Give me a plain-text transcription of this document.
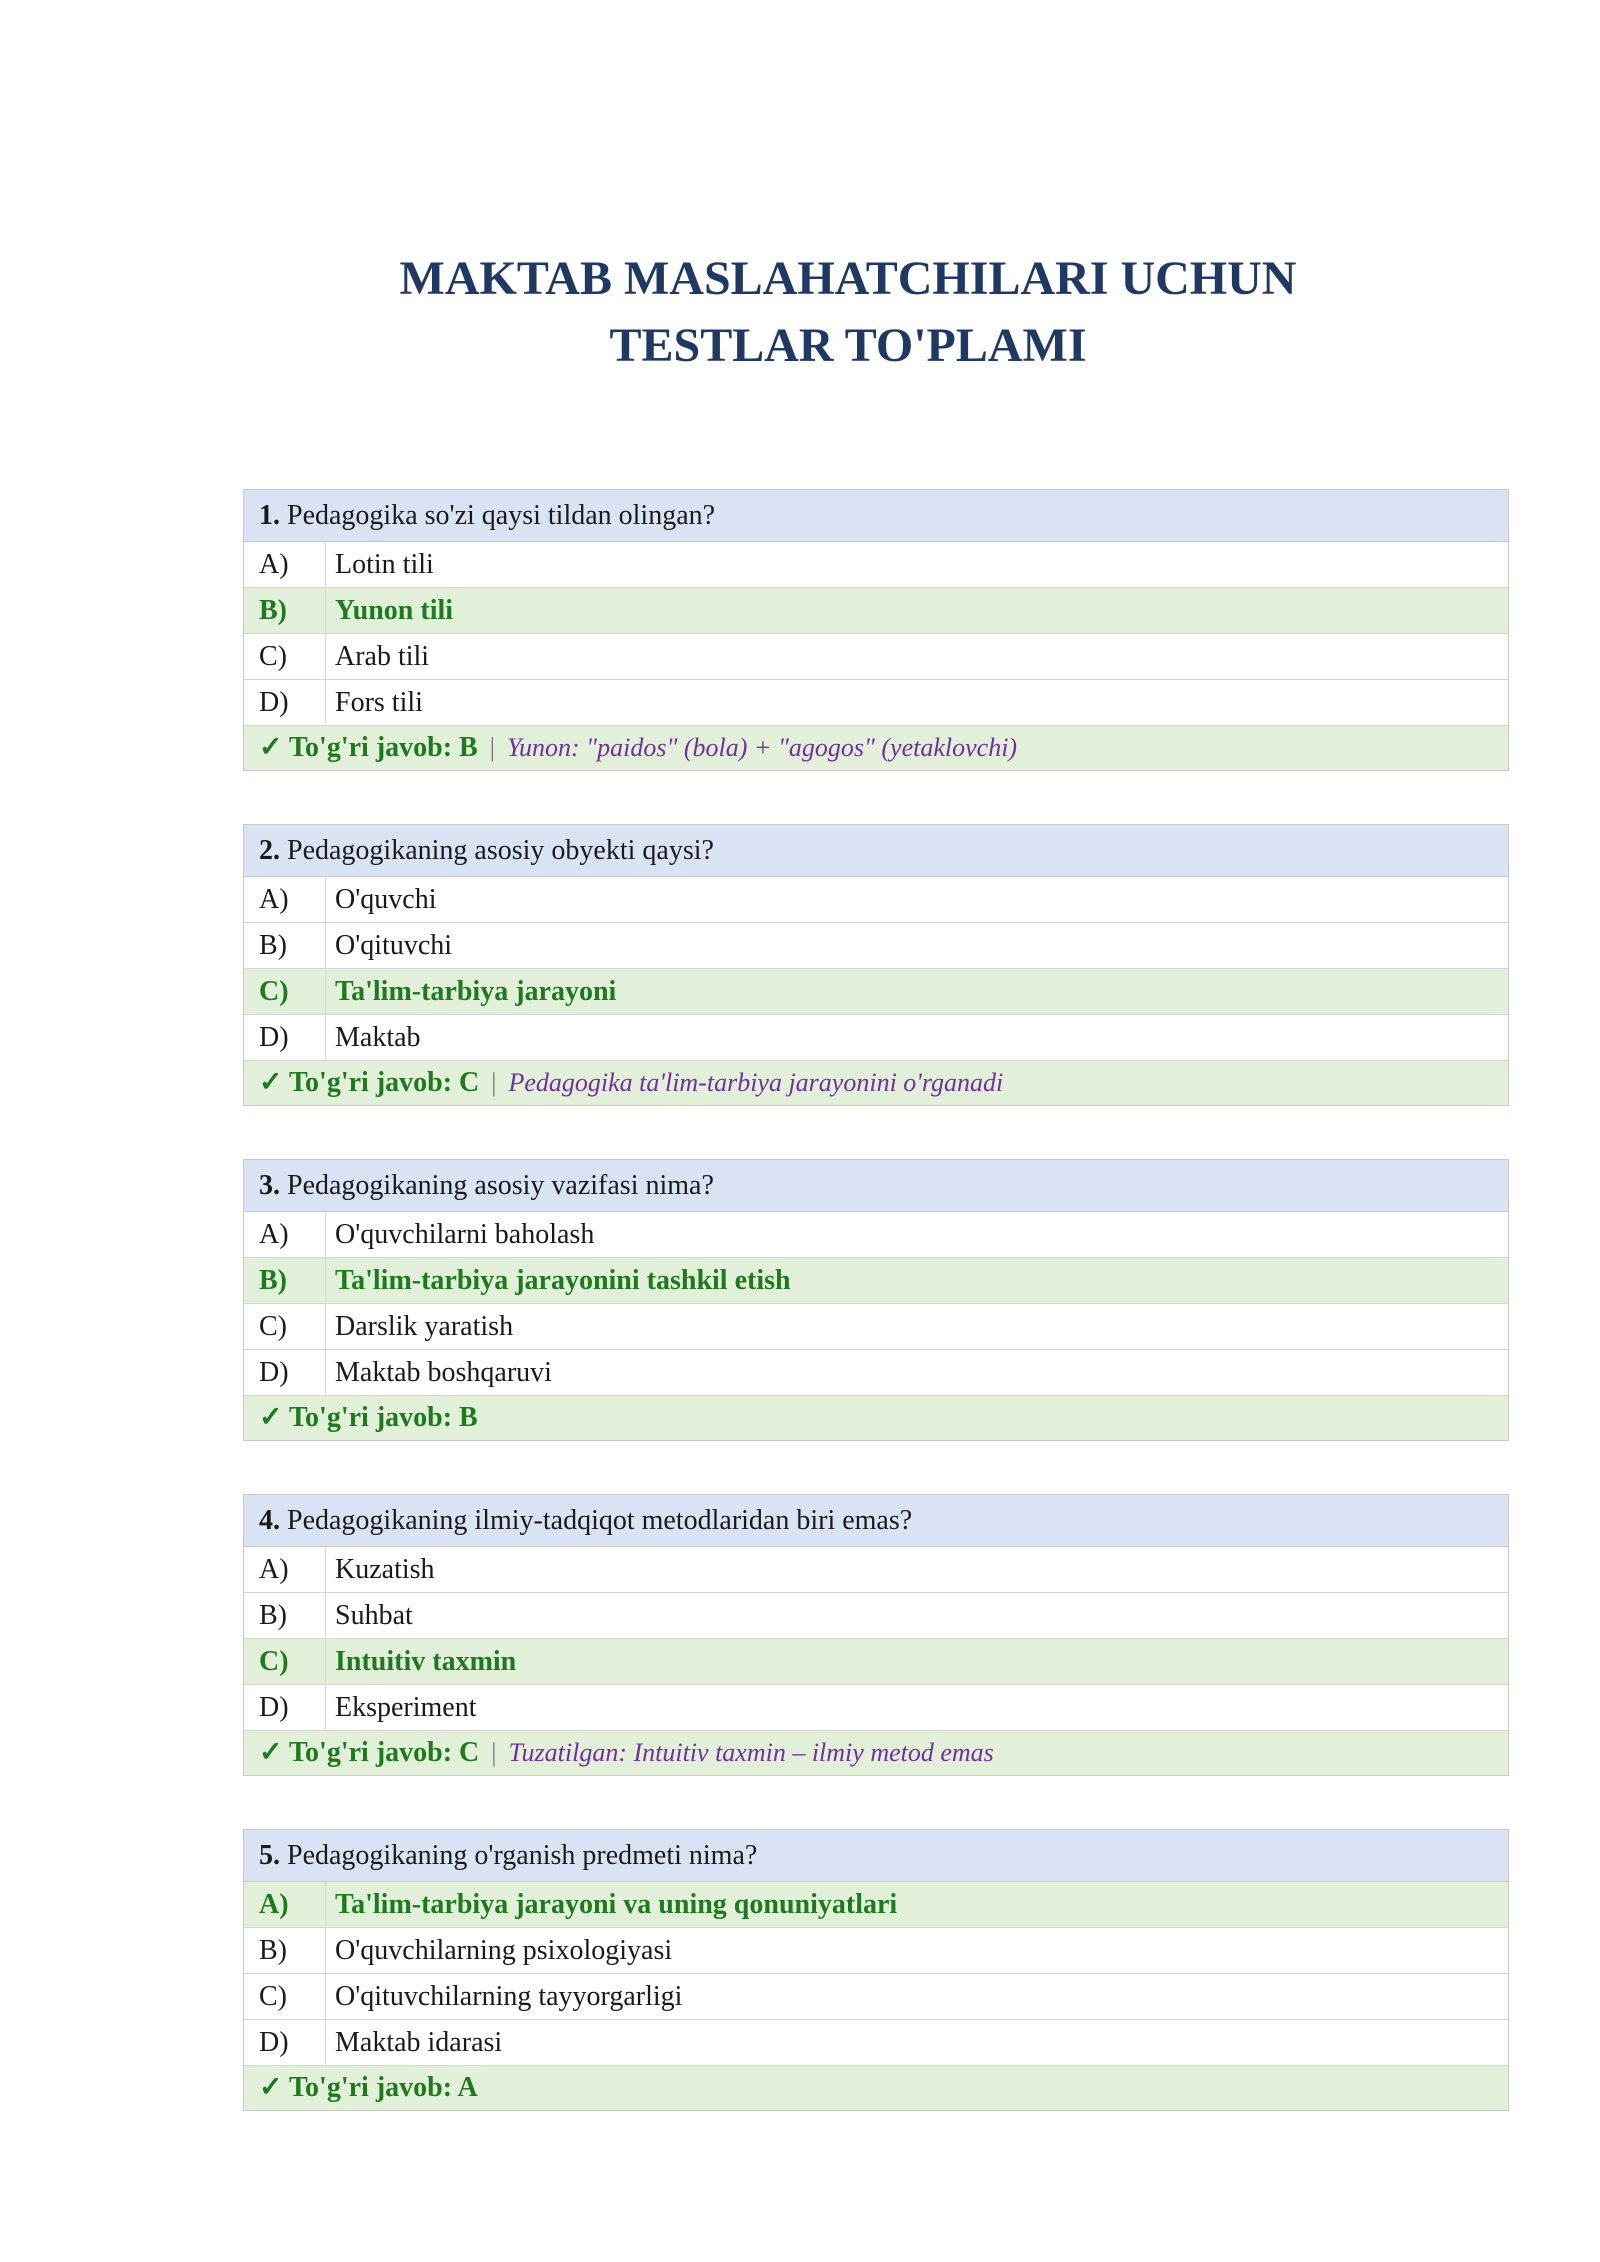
MAKTAB MASLAHATCHILARI UCHUN
TESTLAR TO'PLAMI
1. Pedagogika so'zi qaysi tildan olingan?
A)	Lotin tili
B)	Yunon tili
C)	Arab tili
D)	Fors tili
✓ To'g'ri javob: B | Yunon: "paidos" (bola) + "agogos" (yetaklovchi)
2. Pedagogikaning asosiy obyekti qaysi?
A)	O'quvchi
B)	O'qituvchi
C)	Ta'lim-tarbiya jarayoni
D)	Maktab
✓ To'g'ri javob: C | Pedagogika ta'lim-tarbiya jarayonini o'rganadi
3. Pedagogikaning asosiy vazifasi nima?
A)	O'quvchilarni baholash
B)	Ta'lim-tarbiya jarayonini tashkil etish
C)	Darslik yaratish
D)	Maktab boshqaruvi
✓ To'g'ri javob: B
4. Pedagogikaning ilmiy-tadqiqot metodlaridan biri emas?
A)	Kuzatish
B)	Suhbat
C)	Intuitiv taxmin
D)	Eksperiment
✓ To'g'ri javob: C | Tuzatilgan: Intuitiv taxmin – ilmiy metod emas
5. Pedagogikaning o'rganish predmeti nima?
A)	Ta'lim-tarbiya jarayoni va uning qonuniyatlari
B)	O'quvchilarning psixologiyasi
C)	O'qituvchilarning tayyorgarligi
D)	Maktab idarasi
✓ To'g'ri javob: A
